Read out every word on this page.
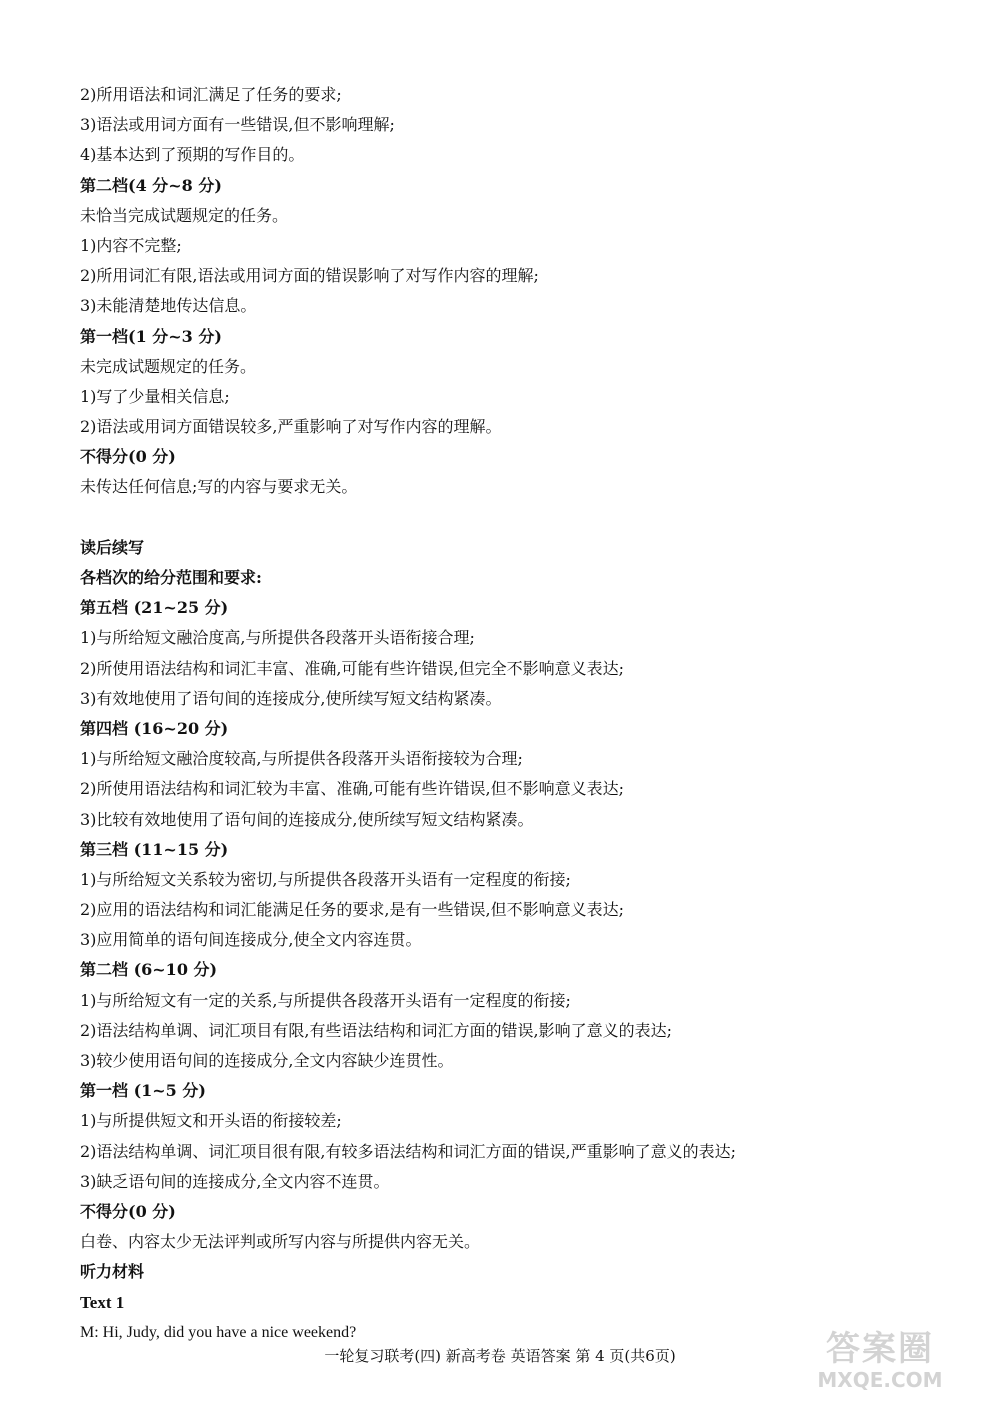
2)所用语法和词汇满足了任务的要求;
3)语法或用词方面有一些错误,但不影响理解;
4)基本达到了预期的写作目的。
第二档(4 分~8 分)
未恰当完成试题规定的任务。
1)内容不完整;
2)所用词汇有限,语法或用词方面的错误影响了对写作内容的理解;
3)未能清楚地传达信息。
第一档(1 分~3 分)
未完成试题规定的任务。
1)写了少量相关信息;
2)语法或用词方面错误较多,严重影响了对写作内容的理解。
不得分(0 分)
未传达任何信息;写的内容与要求无关。
读后续写
各档次的给分范围和要求:
第五档 (21~25 分)
1)与所给短文融洽度高,与所提供各段落开头语衔接合理;
2)所使用语法结构和词汇丰富、准确,可能有些许错误,但完全不影响意义表达;
3)有效地使用了语句间的连接成分,使所续写短文结构紧凑。
第四档 (16~20 分)
1)与所给短文融洽度较高,与所提供各段落开头语衔接较为合理;
2)所使用语法结构和词汇较为丰富、准确,可能有些许错误,但不影响意义表达;
3)比较有效地使用了语句间的连接成分,使所续写短文结构紧凑。
第三档 (11~15 分)
1)与所给短文关系较为密切,与所提供各段落开头语有一定程度的衔接;
2)应用的语法结构和词汇能满足任务的要求,是有一些错误,但不影响意义表达;
3)应用简单的语句间连接成分,使全文内容连贯。
第二档 (6~10 分)
1)与所给短文有一定的关系,与所提供各段落开头语有一定程度的衔接;
2)语法结构单调、词汇项目有限,有些语法结构和词汇方面的错误,影响了意义的表达;
3)较少使用语句间的连接成分,全文内容缺少连贯性。
第一档 (1~5 分)
1)与所提供短文和开头语的衔接较差;
2)语法结构单调、词汇项目很有限,有较多语法结构和词汇方面的错误,严重影响了意义的表达;
3)缺乏语句间的连接成分,全文内容不连贯。
不得分(0 分)
白卷、内容太少无法评判或所写内容与所提供内容无关。
听力材料
Text 1
M: Hi, Judy, did you have a nice weekend?
一轮复习联考(四) 新高考卷 英语答案 第 4 页(共6页)	答案圈
MXQE.COM
